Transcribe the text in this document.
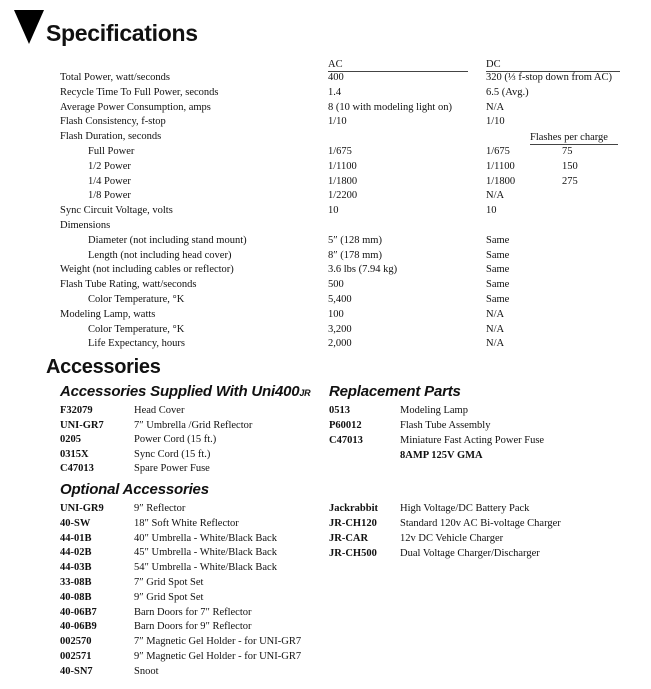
Specifications
AC	DC
Flashes per charge
Total Power, watt/seconds	400	320 (⅓ f-stop down from AC)
Recycle Time To Full Power, seconds	1.4	6.5 (Avg.)
Average Power Consumption, amps	8 (10 with modeling light on)	N/A
Flash Consistency, f-stop	1/10	1/10
Flash Duration, seconds
Full Power	1/675	1/675	75
1/2 Power	1/1100	1/1100	150
1/4 Power	1/1800	1/1800	275
1/8 Power	1/2200	N/A
Sync Circuit Voltage, volts	10	10
Dimensions
Diameter (not including stand mount)	5″ (128 mm)	Same
Length (not including head cover)	8″ (178 mm)	Same
Weight (not including cables or reflector)	3.6 lbs (7.94 kg)	Same
Flash Tube Rating, watt/seconds	500	Same
Color Temperature, °K	5,400	Same
Modeling Lamp, watts	100	N/A
Color Temperature, °K	3,200	N/A
Life Expectancy, hours	2,000	N/A
Accessories
Accessories Supplied With Uni400JR
F32079	Head Cover
UNI-GR7	7″ Umbrella /Grid Reflector
0205	Power Cord (15 ft.)
0315X	Sync Cord (15 ft.)
C47013	Spare Power Fuse
Replacement Parts
0513	Modeling Lamp
P60012	Flash Tube Assembly
C47013	Miniature Fast Acting Power Fuse
8AMP 125V GMA
Optional Accessories
UNI-GR9	9″ Reflector
40-SW	18″ Soft White Reflector
44-01B	40″ Umbrella - White/Black Back
44-02B	45″ Umbrella - White/Black Back
44-03B	54″ Umbrella - White/Black Back
33-08B	7″ Grid Spot Set
40-08B	9″ Grid Spot Set
40-06B7	Barn Doors for 7″ Reflector
40-06B9	Barn Doors for 9″ Reflector
002570	7″ Magnetic Gel Holder - for UNI-GR7
002571	9″ Magnetic Gel Holder - for UNI-GR7
40-SN7	Snoot
Jackrabbit High Voltage/DC Battery Pack
JR-CH120 Standard 120v AC Bi-voltage Charger
JR-CAR	12v DC Vehicle Charger
JR-CH500 Dual Voltage Charger/Discharger
